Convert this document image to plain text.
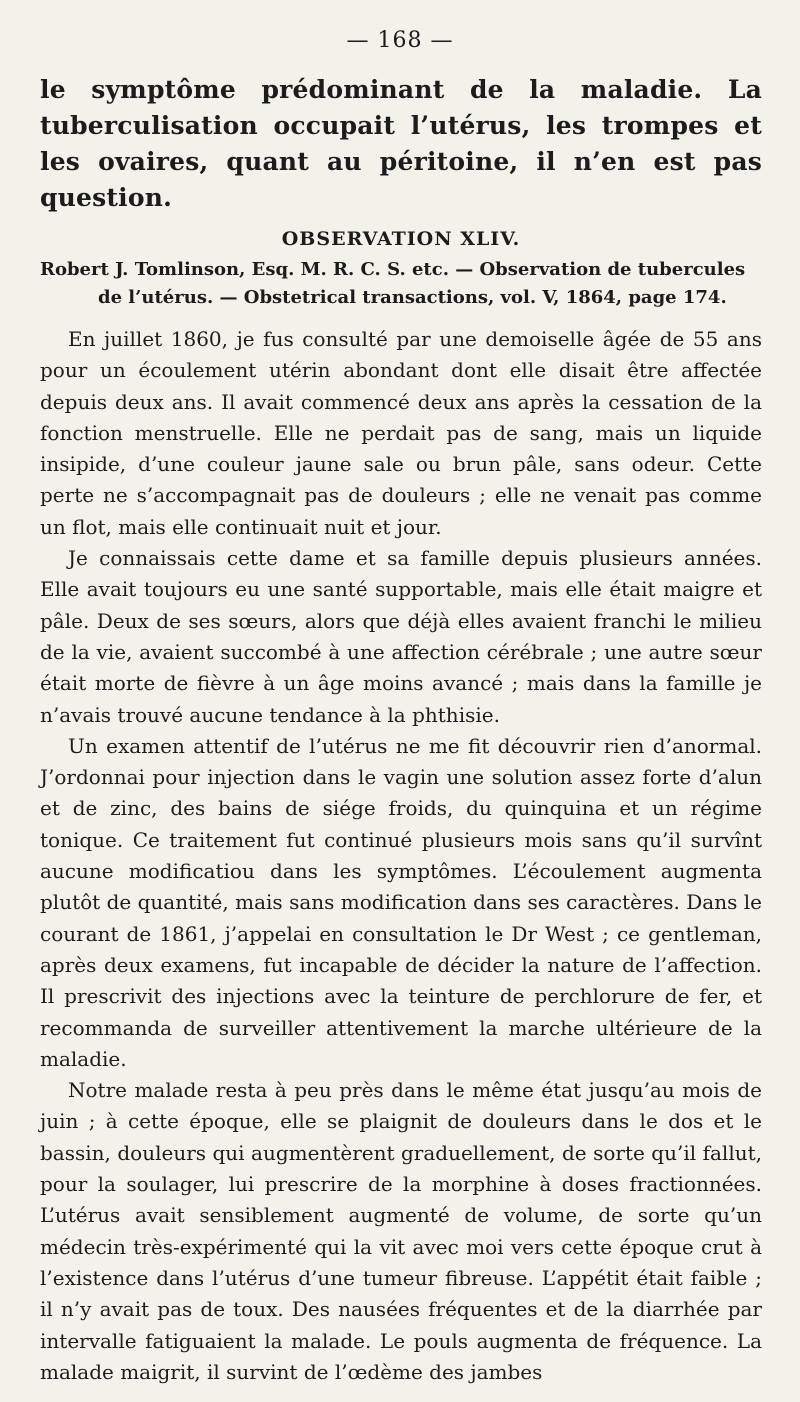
— 168 —

le symptôme prédominant de la maladie. La tuberculisation occupait l’utérus, les trompes et les ovaires, quant au péritoine, il n’en est pas question.

OBSERVATION XLIV.
Robert J. Tomlinson, Esq. M. R. C. S. etc. — Observation de tubercules
de l’utérus. — Obstetrical transactions, vol. V, 1864, page 174.

En juillet 1860, je fus consulté par une demoiselle âgée de 55 ans pour un écoulement utérin abondant dont elle disait être affectée depuis deux ans. Il avait commencé deux ans après la cessation de la fonction menstruelle. Elle ne perdait pas de sang, mais un liquide insipide, d’une couleur jaune sale ou brun pâle, sans odeur. Cette perte ne s’accompagnait pas de douleurs ; elle ne venait pas comme un flot, mais elle continuait nuit et jour.

Je connaissais cette dame et sa famille depuis plusieurs années. Elle avait toujours eu une santé supportable, mais elle était maigre et pâle. Deux de ses sœurs, alors que déjà elles avaient franchi le milieu de la vie, avaient succombé à une affection cérébrale ; une autre sœur était morte de fièvre à un âge moins avancé ; mais dans la famille je n’avais trouvé aucune tendance à la phthisie.

Un examen attentif de l’utérus ne me fit découvrir rien d’anormal. J’ordonnai pour injection dans le vagin une solution assez forte d’alun et de zinc, des bains de siége froids, du quinquina et un régime tonique. Ce traitement fut continué plusieurs mois sans qu’il survînt aucune modificatiou dans les symptômes. L’écoulement augmenta plutôt de quantité, mais sans modification dans ses caractères. Dans le courant de 1861, j’appelai en consultation le Dr West ; ce gentleman, après deux examens, fut incapable de décider la nature de l’affection. Il prescrivit des injections avec la teinture de perchlorure de fer, et recommanda de surveiller attentivement la marche ultérieure de la maladie.

Notre malade resta à peu près dans le même état jusqu’au mois de juin ; à cette époque, elle se plaignit de douleurs dans le dos et le bassin, douleurs qui augmentèrent graduellement, de sorte qu’il fallut, pour la soulager, lui prescrire de la morphine à doses fractionnées. L’utérus avait sensiblement augmenté de volume, de sorte qu’un médecin très-expérimenté qui la vit avec moi vers cette époque crut à l’existence dans l’utérus d’une tumeur fibreuse. L’appétit était faible ; il n’y avait pas de toux. Des nausées fréquentes et de la diarrhée par intervalle fatiguaient la malade. Le pouls augmenta de fréquence. La malade maigrit, il survint de l’œdème des jambes
